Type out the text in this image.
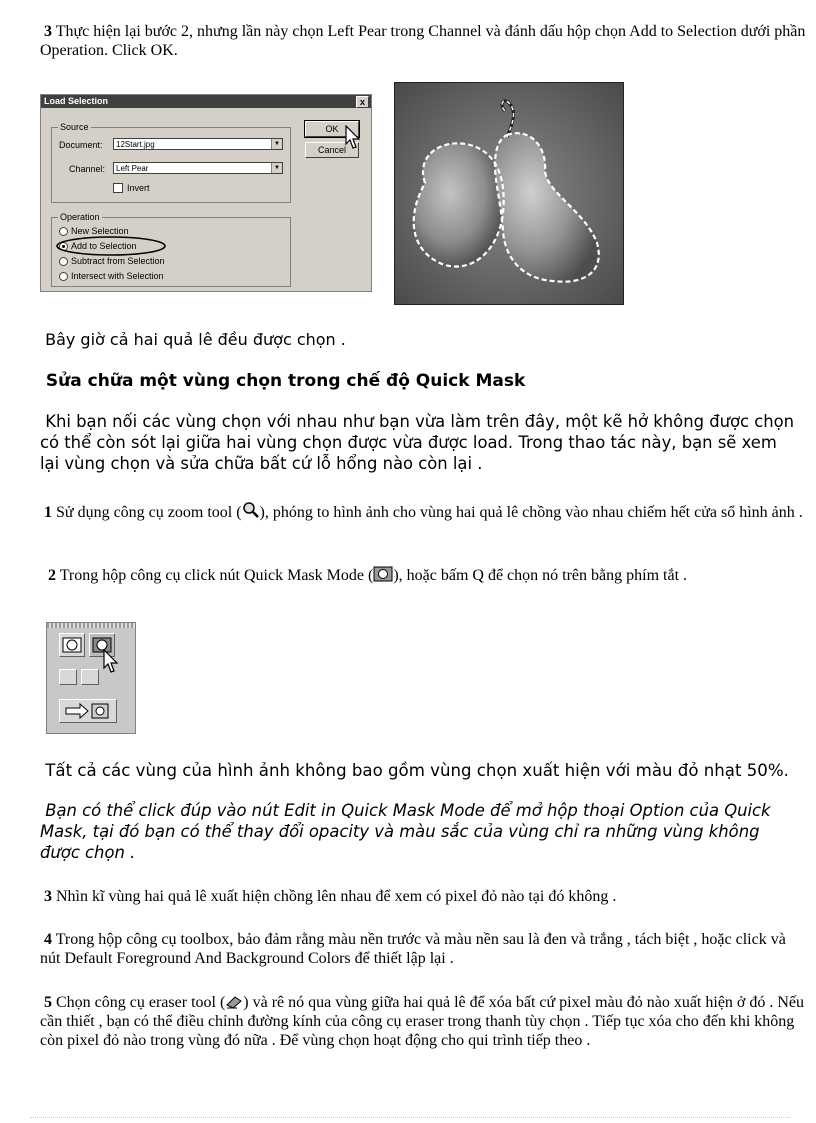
3 Thực hiện lại bước 2, nhưng lần này chọn Left Pear trong Channel và đánh dấu hộp chọn Add to Selection dưới phần Operation. Click OK.

Load Selection	x
Source
Document:	12Start.jpg	▼
Channel:	Left Pear	▼
Invert
Operation
New Selection
Add to Selection
Subtract from Selection
Intersect with Selection
OK
Cancel

Bây giờ cả hai quả lê đều được chọn .

Sửa chữa một vùng chọn trong chế độ Quick Mask

Khi bạn nối các vùng chọn với nhau như bạn vừa làm trên đây, một kẽ hở không được chọn có thể còn sót lại giữa hai vùng chọn được vừa được load. Trong thao tác này, bạn sẽ xem lại vùng chọn và sửa chữa bất cứ lỗ hổng nào còn lại .

1 Sử dụng công cụ zoom tool ( ), phóng to hình ảnh cho vùng hai quả lê chồng vào nhau chiếm hết cửa sổ hình ảnh .

2 Trong hộp công cụ click nút Quick Mask Mode ( ), hoặc bấm Q để chọn nó trên bằng phím tắt .

Tất cả các vùng của hình ảnh không bao gồm vùng chọn xuất hiện với màu đỏ nhạt 50%.

Bạn có thể click đúp vào nút Edit in Quick Mask Mode để mở hộp thoại Option của Quick Mask, tại đó bạn có thể thay đổi opacity và màu sắc của vùng chỉ ra những vùng không được chọn .

3 Nhìn kĩ vùng hai quả lê xuất hiện chồng lên nhau để xem có pixel đỏ nào tại đó không .

4 Trong hộp công cụ toolbox, bảo đảm rằng màu nền trước và màu nền sau là đen và trắng , tách biệt , hoặc click và nút Default Foreground And Background Colors để thiết lập lại .

5 Chọn công cụ eraser tool ( ) và rê nó qua vùng giữa hai quả lê để xóa bất cứ pixel màu đỏ nào xuất hiện ở đó . Nếu cần thiết , bạn có thể điều chỉnh đường kính của công cụ eraser trong thanh tùy chọn . Tiếp tục xóa cho đến khi không còn pixel đỏ nào trong vùng đó nữa . Để vùng chọn hoạt động cho qui trình tiếp theo .
